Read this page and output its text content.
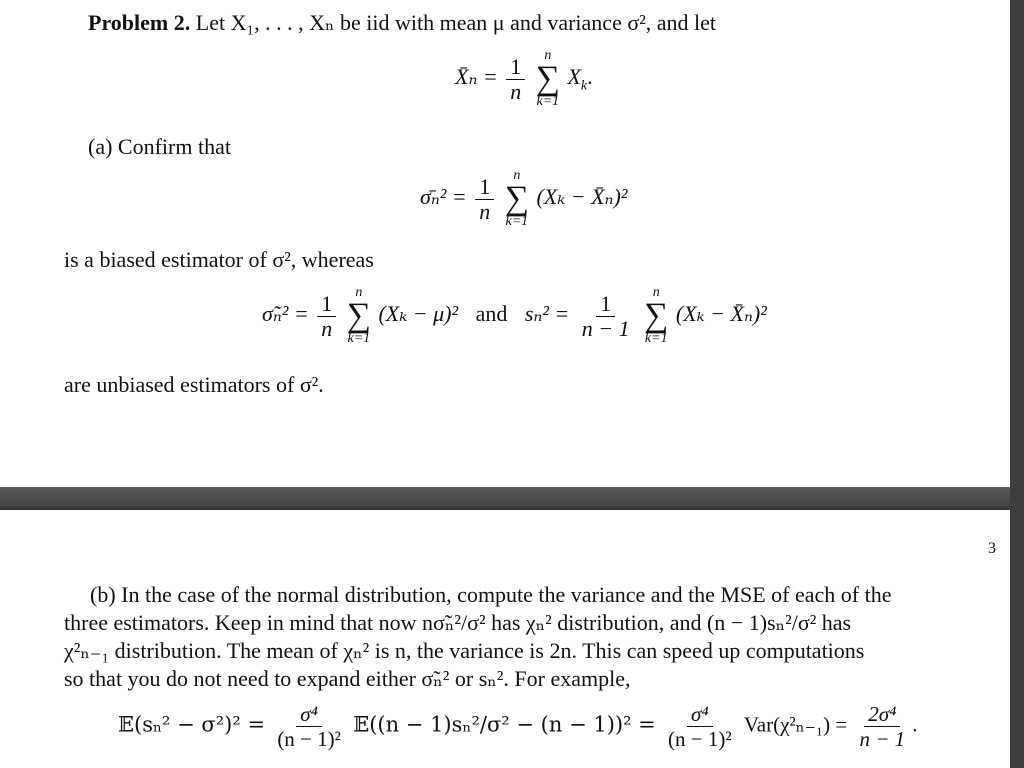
Problem 2. Let X₁, . . . , Xₙ be iid with mean μ and variance σ², and let
X̄ₙ = $\frac{1}{n}$
n
∑
k=1
$X_k$.
(a) Confirm that
σ̄ₙ² = $\frac{1}{n}$
n
∑
k=1
(Xₖ − X̄ₙ)²
is a biased estimator of σ², whereas
σ̃ₙ² = $\frac{1}{n}$
n
∑
k=1
(Xₖ − μ)² and $s_n^2 = \frac{1}{n - 1}$
n
∑
k=1
(Xₖ − X̄ₙ)²
are unbiased estimators of σ².
3
(b) In the case of the normal distribution, compute the variance and the MSE of each of the
three estimators. Keep in mind that now nσ̃ₙ²/σ² has χₙ² distribution, and (n − 1)sₙ²/σ² has
χ²ₙ₋₁ distribution. The mean of χₙ² is n, the variance is 2n. This can speed up computations
so that you do not need to expand either σ̃ₙ² or sₙ². For example,
𝔼(sₙ² − $\sigma^2)^2 = \frac{\text{σ⁴}}{\text{(n − 1)²}}$ 𝔼((n − $1)s_n^2/\sigma^2 - (n - 1))^2 = \frac{\text{σ⁴}}{\text{(n − 1)²}} Var(\chi^2_{n-1}) = \frac{\text{2σ⁴}}{n - 1}$ .
